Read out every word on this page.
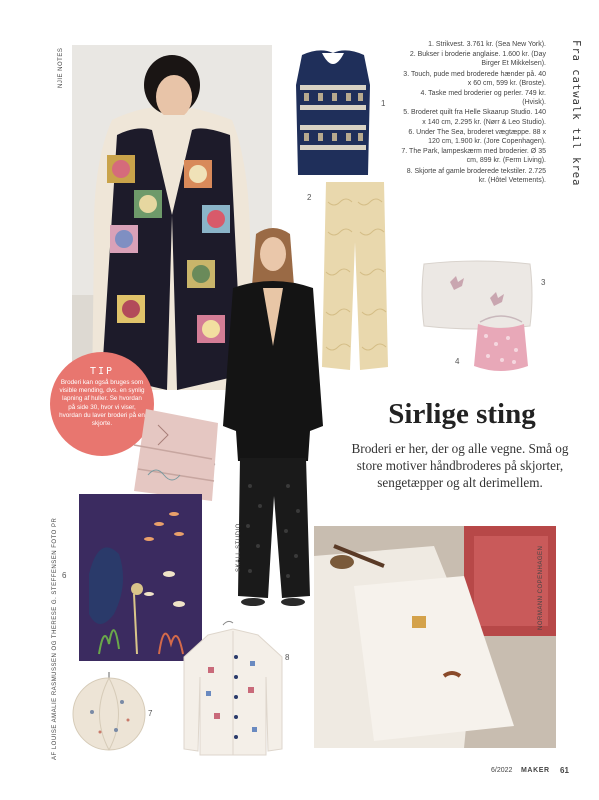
NJIE NOTES
SKALL STUDIO

1. Strikvest. 3.761 kr. (Sea New York).

2. Bukser i broderie anglaise. 1.600 kr. (Day Birger Et Mikkelsen).

3. Touch, pude med broderede hænder på. 40 x 60 cm, 599 kr. (Broste).

4. Taske med broderier og perler. 749 kr. (Hvisk).

5. Broderet quilt fra Helle Skaarup Studio. 140 x 140 cm, 2.295 kr. (Nørr & Leo Studio).

6. Under The Sea, broderet vægtæppe. 88 x 120 cm, 1.900 kr. (Jore Copenhagen).

7. The Park, lampeskærm med broderier. Ø 35 cm, 899 kr. (Ferm Living).

8. Skjorte af gamle broderede tekstiler. 2.725 kr. (Hôtel Vetements). Fra catwalk til krea
1
2
3
4
6
7
8
Sirlige sting
Broderi er her, der og alle vegne. Små og store motiver håndbroderes på skjorter, sengetæpper og alt derimellem.
TIP
Broderi kan også bruges som visible mending, dvs. en synlig lapning af huller. Se hvordan på side 30, hvor vi viser, hvordan du laver broderi på en skjorte.
NORMANN COPENHAGEN
AF LOUISE AMALIE RASMUSSEN OG THERESE G. STEFFENSEN FOTO PR
6/2022 MAKER 61
